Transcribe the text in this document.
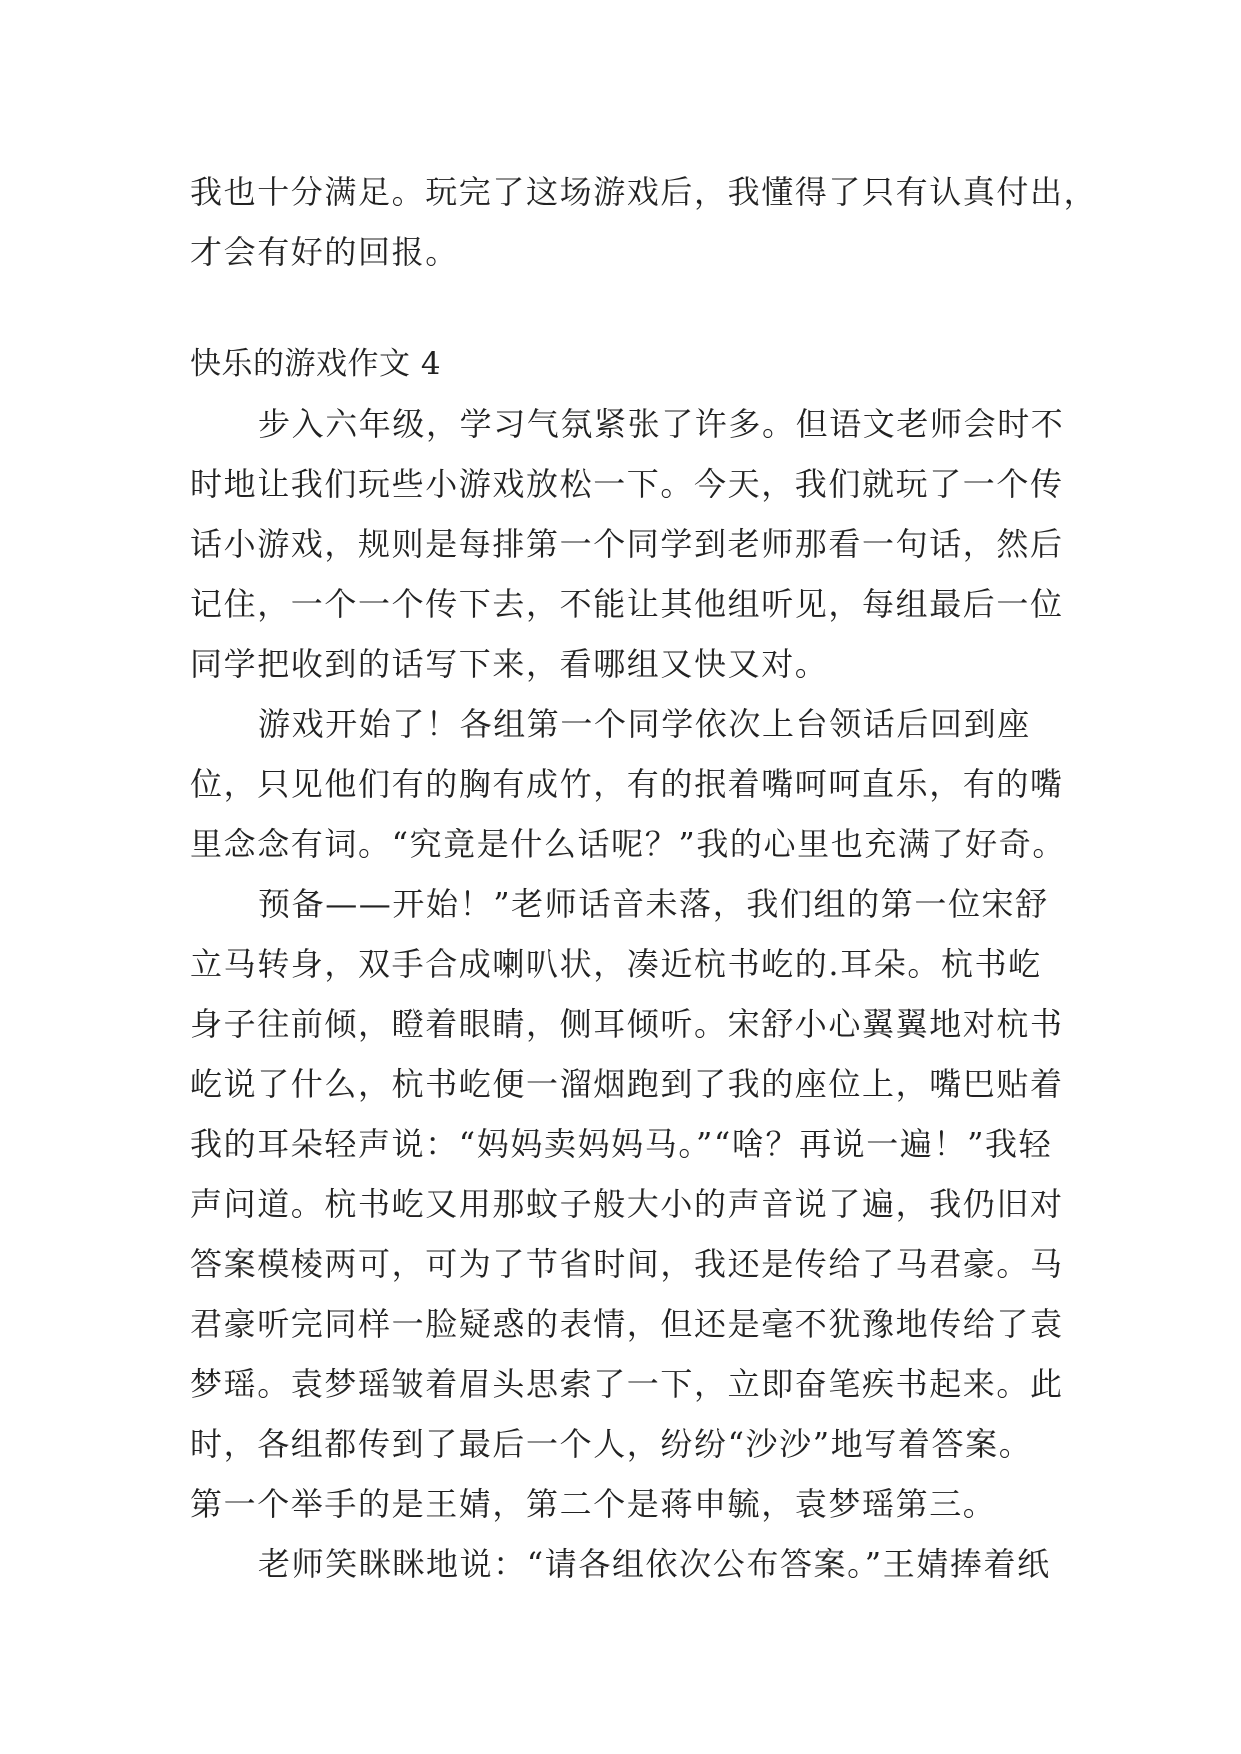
我也十分满足。玩完了这场游戏后，我懂得了只有认真付出，
才会有好的回报。
快乐的游戏作文 4
步入六年级，学习气氛紧张了许多。但语文老师会时不
时地让我们玩些小游戏放松一下。今天，我们就玩了一个传
话小游戏，规则是每排第一个同学到老师那看一句话，然后
记住，一个一个传下去，不能让其他组听见，每组最后一位
同学把收到的话写下来，看哪组又快又对。
游戏开始了！各组第一个同学依次上台领话后回到座
位，只见他们有的胸有成竹，有的抿着嘴呵呵直乐，有的嘴
里念念有词。“究竟是什么话呢？”我的心里也充满了好奇。
预备——开始！”老师话音未落，我们组的第一位宋舒
立马转身，双手合成喇叭状，凑近杭书屹的.耳朵。杭书屹
身子往前倾，瞪着眼睛，侧耳倾听。宋舒小心翼翼地对杭书
屹说了什么，杭书屹便一溜烟跑到了我的座位上，嘴巴贴着
我的耳朵轻声说：“妈妈卖妈妈马。”“啥？再说一遍！”我轻
声问道。杭书屹又用那蚊子般大小的声音说了遍，我仍旧对
答案模棱两可，可为了节省时间，我还是传给了马君豪。马
君豪听完同样一脸疑惑的表情，但还是毫不犹豫地传给了袁
梦瑶。袁梦瑶皱着眉头思索了一下，立即奋笔疾书起来。此
时，各组都传到了最后一个人，纷纷“沙沙”地写着答案。
第一个举手的是王婧，第二个是蒋申毓，袁梦瑶第三。
老师笑眯眯地说：“请各组依次公布答案。”王婧捧着纸
